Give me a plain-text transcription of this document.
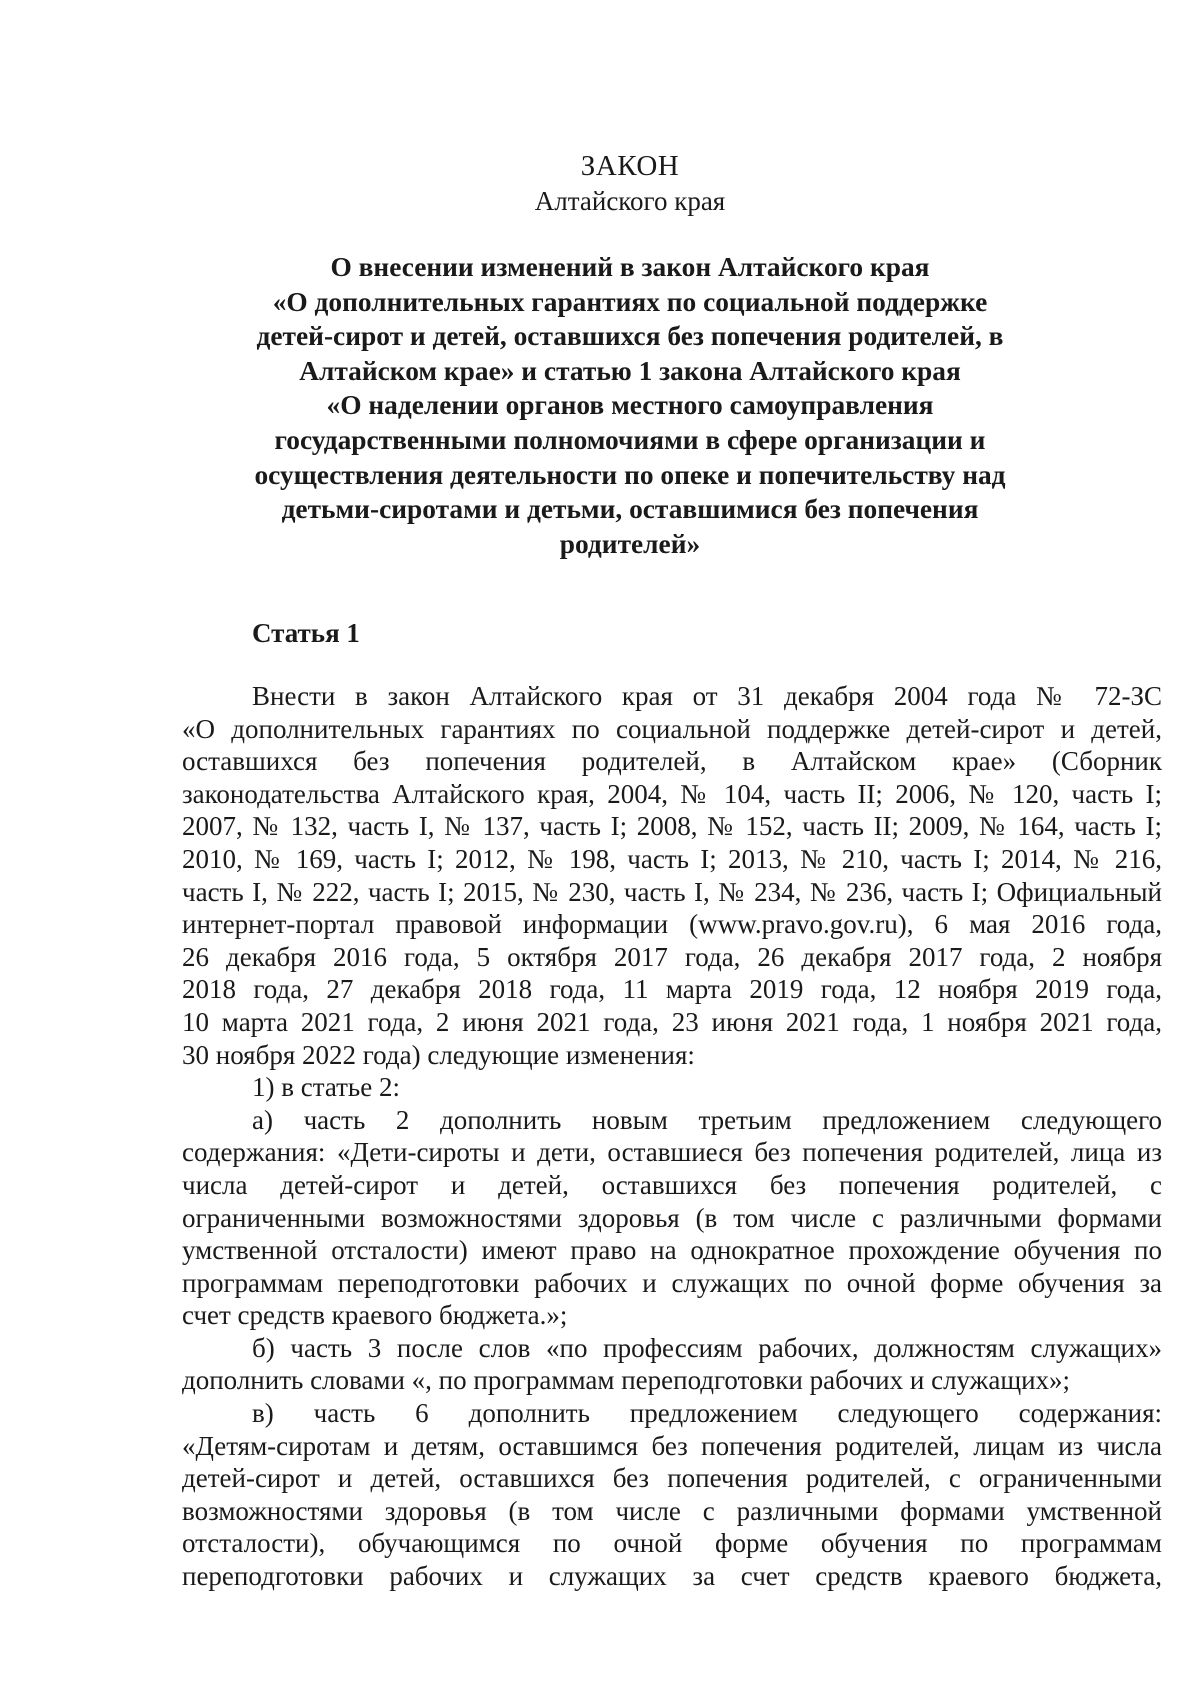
ЗАКОН
Алтайского края
О внесении изменений в закон Алтайского края
«О дополнительных гарантиях по социальной поддержке
детей-сирот и детей, оставшихся без попечения родителей, в
Алтайском крае» и статью 1 закона Алтайского края
«О наделении органов местного самоуправления
государственными полномочиями в сфере организации и
осуществления деятельности по опеке и попечительству над
детьми-сиротами и детьми, оставшимися без попечения
родителей»
Статья 1
Внести в закон Алтайского края от 31 декабря 2004 года № 72-ЗС
«О дополнительных гарантиях по социальной поддержке детей-сирот и детей,
оставшихся без попечения родителей, в Алтайском крае» (Сборник
законодательства Алтайского края, 2004, № 104, часть II; 2006, № 120, часть I;
2007, № 132, часть I, № 137, часть I; 2008, № 152, часть II; 2009, № 164, часть I;
2010, № 169, часть I; 2012, № 198, часть I; 2013, № 210, часть I; 2014, № 216,
часть I, № 222, часть I; 2015, № 230, часть I, № 234, № 236, часть I; Официальный
интернет-портал правовой информации (www.pravo.gov.ru), 6 мая 2016 года,
26 декабря 2016 года, 5 октября 2017 года, 26 декабря 2017 года, 2 ноября
2018 года, 27 декабря 2018 года, 11 марта 2019 года, 12 ноября 2019 года,
10 марта 2021 года, 2 июня 2021 года, 23 июня 2021 года, 1 ноября 2021 года,
30 ноября 2022 года) следующие изменения:
1) в статье 2:
а) часть 2 дополнить новым третьим предложением следующего
содержания: «Дети-сироты и дети, оставшиеся без попечения родителей, лица из
числа детей-сирот и детей, оставшихся без попечения родителей, с
ограниченными возможностями здоровья (в том числе с различными формами
умственной отсталости) имеют право на однократное прохождение обучения по
программам переподготовки рабочих и служащих по очной форме обучения за
счет средств краевого бюджета.»;
б) часть 3 после слов «по профессиям рабочих, должностям служащих»
дополнить словами «, по программам переподготовки рабочих и служащих»;
в) часть 6 дополнить предложением следующего содержания:
«Детям-сиротам и детям, оставшимся без попечения родителей, лицам из числа
детей-сирот и детей, оставшихся без попечения родителей, с ограниченными
возможностями здоровья (в том числе с различными формами умственной
отсталости), обучающимся по очной форме обучения по программам
переподготовки рабочих и служащих за счет средств краевого бюджета,
